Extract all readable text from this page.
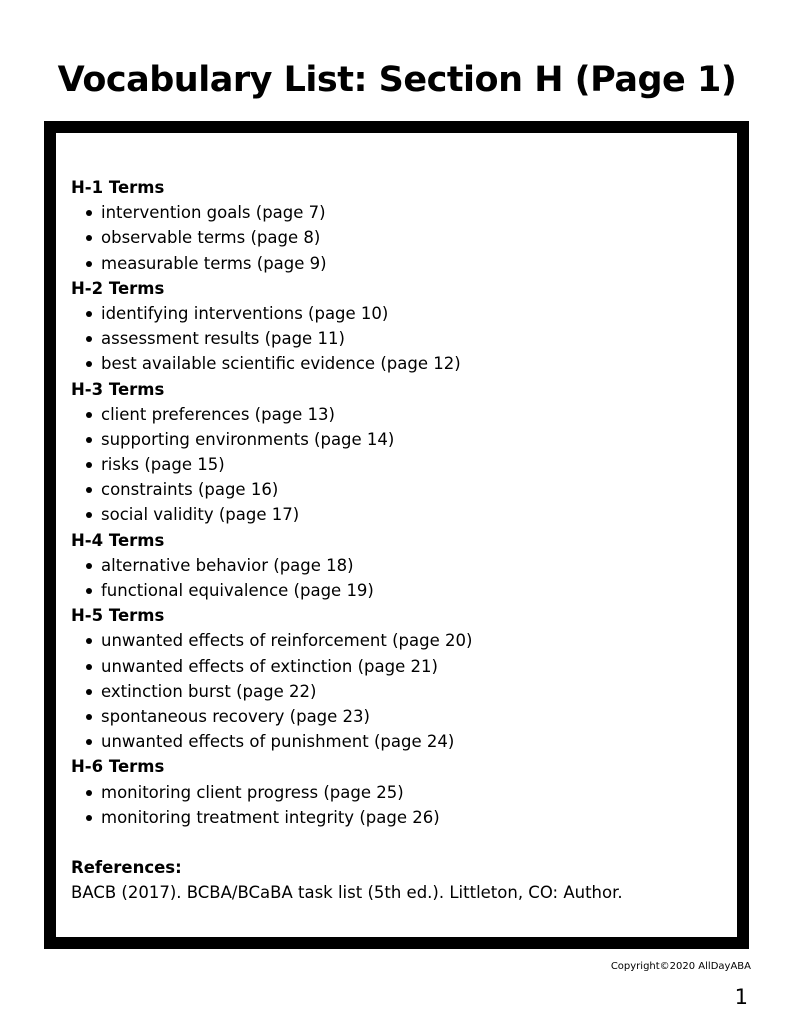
Vocabulary List: Section H (Page 1)
H-1 Terms
intervention goals (page 7)
observable terms (page 8)
measurable terms (page 9)
H-2 Terms
identifying interventions (page 10)
assessment results (page 11)
best available scientific evidence (page 12)
H-3 Terms
client preferences (page 13)
supporting environments (page 14)
risks (page 15)
constraints (page 16)
social validity (page 17)
H-4 Terms
alternative behavior (page 18)
functional equivalence (page 19)
H-5 Terms
unwanted effects of reinforcement (page 20)
unwanted effects of extinction (page 21)
extinction burst (page 22)
spontaneous recovery (page 23)
unwanted effects of punishment (page 24)
H-6 Terms
monitoring client progress (page 25)
monitoring treatment integrity (page 26)
References:
BACB (2017). BCBA/BCaBA task list (5th ed.). Littleton, CO: Author.
Copyright©2020 AllDayABA
1
